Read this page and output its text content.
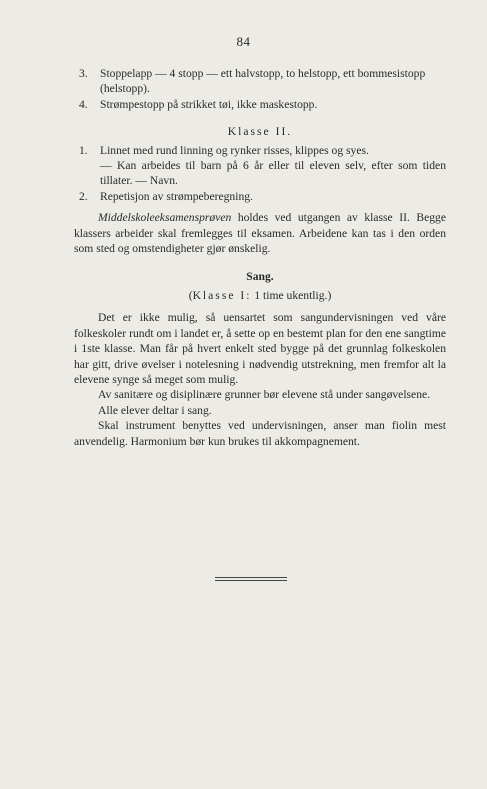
84
3. Stoppelapp — 4 stopp — ett halvstopp, to helstopp, ett bommesistopp (helstopp).
4. Strømpestopp på strikket tøi, ikke maskestopp.
Klasse II.
1. Linnet med rund linning og rynker risses, klippes og syes.
— Kan arbeides til barn på 6 år eller til eleven selv, efter som tiden tillater. — Navn.
2. Repetisjon av strømpeberegning.
Middelskoleeksamensprøven holdes ved utgangen av klasse II. Begge klassers arbeider skal fremlegges til eksamen. Arbeidene kan tas i den orden som sted og omstendigheter gjør ønskelig.
Sang.
(Klasse I: 1 time ukentlig.)
Det er ikke mulig, så uensartet som sangundervisningen ved våre folkeskoler rundt om i landet er, å sette op en bestemt plan for den ene sangtime i 1ste klasse. Man får på hvert enkelt sted bygge på det grunnlag folkeskolen har gitt, drive øvelser i notelesning i nødvendig utstrekning, men fremfor alt la elevene synge så meget som mulig.
Av sanitære og disiplinære grunner bør elevene stå under sangøvelsene.
Alle elever deltar i sang.
Skal instrument benyttes ved undervisningen, anser man fiolin mest anvendelig. Harmonium bør kun brukes til akkompagnement.
